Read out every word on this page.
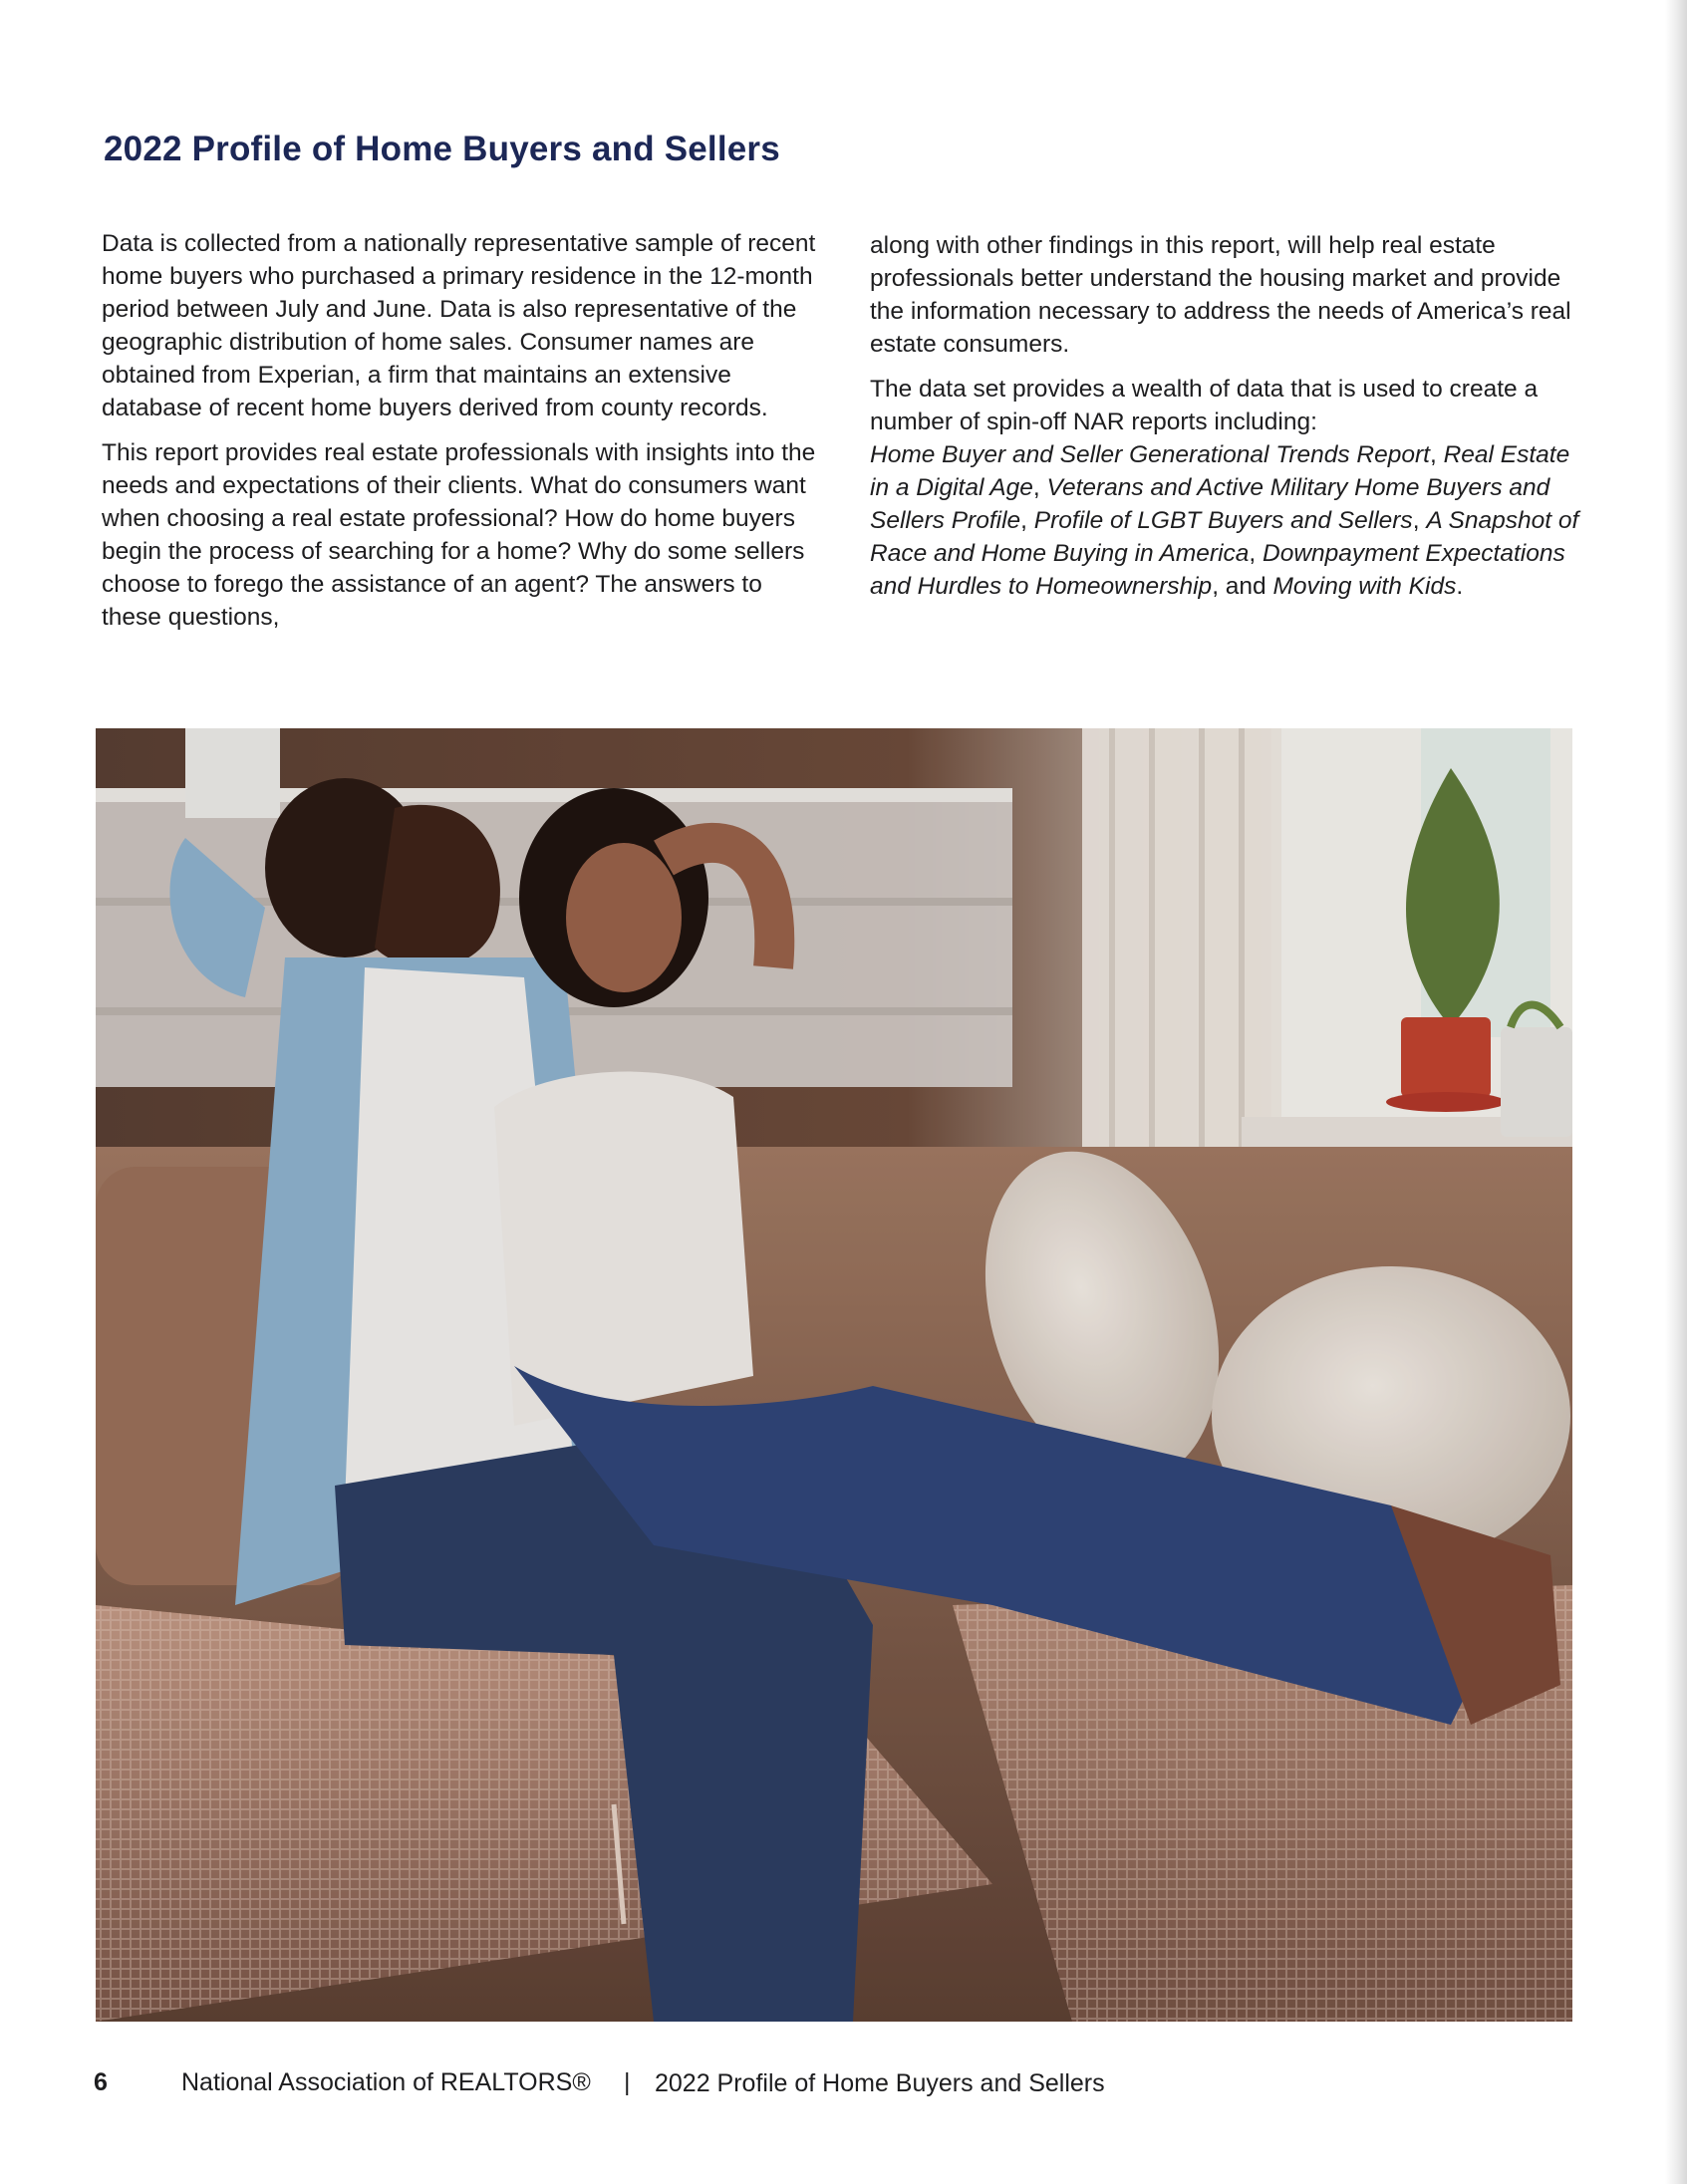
2022 Profile of Home Buyers and Sellers

Data is collected from a nationally representative sample of recent home buyers who purchased a primary residence in the 12-month period between July and June. Data is also representative of the geographic distribution of home sales. Consumer names are obtained from Experian, a firm that maintains an extensive database of recent home buyers derived from county records.

This report provides real estate professionals with insights into the needs and expectations of their clients. What do consumers want when choosing a real estate professional? How do home buyers begin the process of searching for a home? Why do some sellers choose to forego the assistance of an agent? The answers to these questions,

along with other findings in this report, will help real estate professionals better understand the housing market and provide the information necessary to address the needs of America’s real estate consumers.

The data set provides a wealth of data that is used to create a number of spin-off NAR reports including:
Home Buyer and Seller Generational Trends Report, Real Estate in a Digital Age, Veterans and Active Military Home Buyers and Sellers Profile, Profile of LGBT Buyers and Sellers, A Snapshot of Race and Home Buying in America, Downpayment Expectations and Hurdles to Homeownership, and Moving with Kids.

6	National Association of REALTORS® | 2022 Profile of Home Buyers and Sellers
